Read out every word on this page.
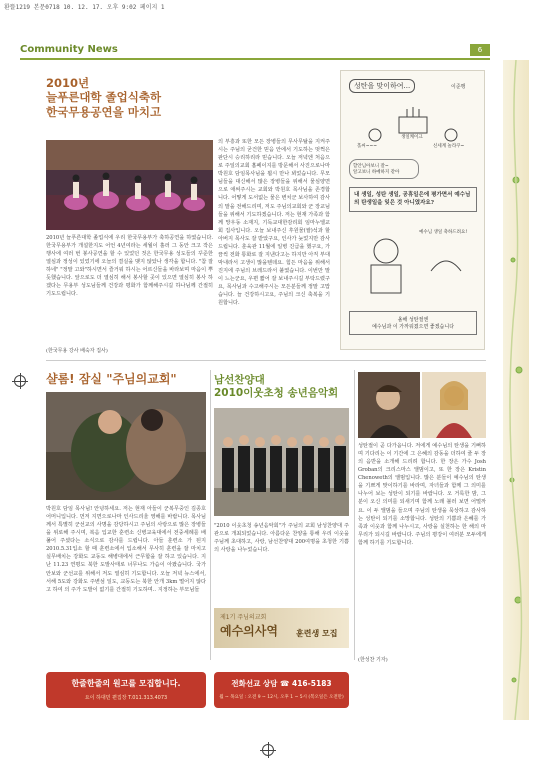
환뜰1219 본문0718 10. 12. 17. 오후 9:02 페이지 1
Community News	6
2010년
늘푸른대학 졸업식축하
한국무용공연을 마치고
2010년 늘푸른대학 졸업식에 우리 한국무용부가 축하공연을 하였습니다. 한국무용부가 개설한지도 어언 4년여라는 세월이 흘러 그 동안 크고 작은 행사에 여러 번 봉사공연을 할 수 있었던 것은 한국무용 성도들의 꾸준한 열심과 정성이 있었기에 오늘의 결실을 맺지 않았나 생각을 합니다. "참 잘하네" "정말 고와"하시면서 즐거워 하시는 어르신들을 바라보며 마음이 뿌듯했습니다. 앞으로도 더 열심히 해서 봉사할 곳이 있으면 열심히 봉사 하겠다는 무용부 성도님들께 건강과 평화가 함께해주시길 하나님께 간절히 기도드립니다.
(한국무용 강사 배숙자 집사)
의 부흥과 또한 모든 장병들의 무사무탈을 지켜주시는 주님의 굳건한 믿음 안에서 기도하는 멋쩍은 판단시 승리하리라 믿습니다. 오늘 저녁엔 처음으로 주일의교회 홈페이지를 방문해서 사진으로나마 박원호 담임목사님을 뵙시 만나 뵈었습니다. 무모님들을 대신해서 많은 장병들을 위해서 물심양면으로 애써주시는 교회와 박원호 목사님을 존경합니다. 어떻게 도서없는 물은 변치군 보사하여 감사의 말을 전해드리며, 저도 주님의교회와 군 장교님들을 위해서 기도하겠습니다. 저는 현재 가족과 함께 망우동 소재지, 기독교대한감리회 임마누엘교회 집사입니다. 오늘 보내주신 후원물(쌀)석과 할아버지 목사도 잘 받았구요, 인사가 늦었지만 감사드립니다. 훈육관 11월에 일병 진급을 했구요, 가끔씩 전화 통화로 잘 지낸다고는 하지만 아직 부대 막내라서 고생이 많을텐데요. 힘든 마음을 위해서 진지에 주님의 브레드라서 붙였습니다. 이번만 말이 느는군요, 우편 짧어 잘 보내주시길 부탁드렸구요, 목사님과 수고해주시는 모든분들께 정말 고맙습니다. 늘 건강하시고요, 주님의 크신 축복을 기원합니다.
성탄을 맞이하여...	이준맹
생일케이크
홀씨~~~	신세계 놀라쿠~
할안님아보니 잘~
알고보니 하예하지 같아
내 생일, 성탄 생일, 공휴일은에 평가면서 예수님의 탄생일을 잊은 것 아니였자요?
예수님 생일 축하드려요!
올해 성탄절엔
예수님과 이 가까워졌으면 좋겠습니다
샬롬! 잠실 "주님의교회"
박원호 담임 목사님! 안녕하세요. 저는 현재 아들이 군복무중인 김종호 어머니입니다. 먼저 지면으로나마 인사드리울 영해를 바랍니다. 목사님께서 특별히 군선교의 사명을 감당하시고 주님의 사랑으로 많은 장병들을 위로해 주시며, 복음 입교한 훈련소 신병교육대에서 전중세례를 배풀어 주셨다는 소식으로 감사를 드립니다. 아들 훈련소 가 된지 2010.5.31입소 할 때 훈련소에서 입소해서 무사히 훈련을 잘 마치고 실무배치는 강화도 교동도 해병대에서 근무합을 잘 하고 있습니다. 지난 11.23 연평도 북한 도발사태로 너무나도 가슴이 아팠습니다. 국가 안보와 군선교를 위해서 저도 열심히 기도합니다. 오늘 저녁 뉴스에서, 서해 5도와 강화도 주변섬 일도, 교동도는 북한 안개 3km 떨어지 않다고 하여 의 주가 도발이 없기를 간절히 기도하며.. 지정하는 부모님들
남선찬양대
2010이웃초청 송년음악회
"2010 이웃초청 송년음악회"가 주님의 교회 남성찬양대 주관으로 개최되었습니다. 아름다운 찬양을 통해 우리 이웃을 주님께 초대하고, 사랑, 남선찬양대 200여명을 초청한 기쁨의 사랑을 나누었습니다.
제1기 주님의교회
예수의사역 훈련생 모집
성탄절이 곧 다가옵니다. 저에게 예수님의 탄생을 기뻐하며 기다리는 이 기간에 그 은혜의 감동을 더하여 줄 두 장의 음반을 소개해 드리려 합니다. 한 장은 가수 Josh Groban의 크리스마스 앨범이고, 또 한 장은 Kristin Chenoweth의 앨범입니다. 많은 분들이 예수님의 탄생을 기쁘게 맞이하기를 바라며, 자녀들과 함께 그 의미를 나누어 보는 성탄이 되기를 바랍니다. 오 거룩한 밤, 그 분이 오신 의미를 되새기며 함께 노래 불러 보면 어떨까요. 이 두 앨범을 들으며 주님의 탄생을 묵상하고 감사하는 성탄이 되기를 소망합니다. 성탄의 기쁨과 은혜를 가족과 이웃과 함께 나누시고, 사랑을 실천하는 한 해의 마무리가 되시길 바랍니다. 주님의 평강이 여러분 모두에게 함께 하기를 기도합니다.
(한성찬 기자)
한줄한줄의 원고를 모집합니다.
요이 하대민 편집장 T.011.313.4073
전화선교 상담 ☎ 416-5183
월 ~ 목요일 : 오전 9 ~ 12시, 오후 1 ~ 5시 (복오일은 오전만)
